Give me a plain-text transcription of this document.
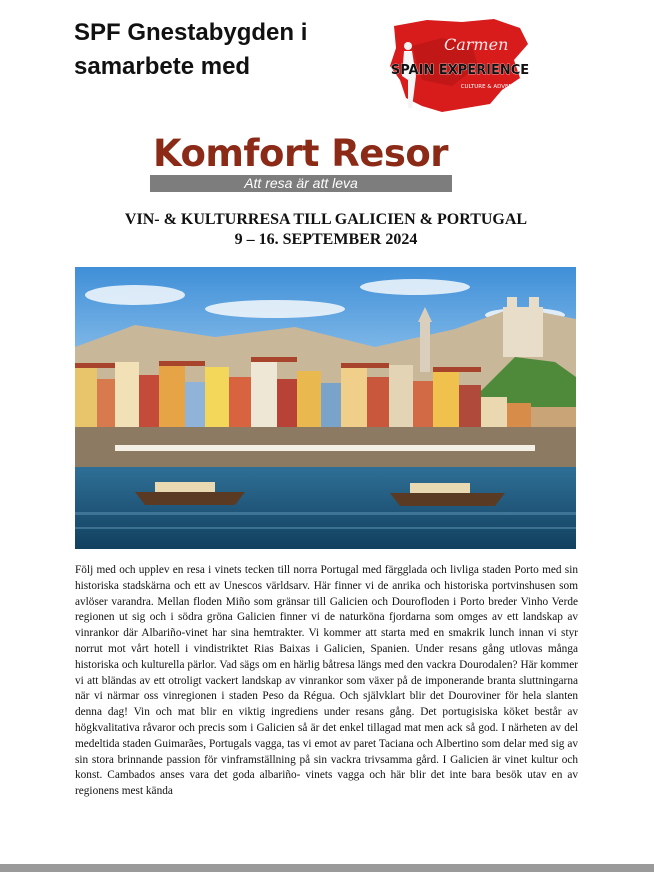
SPF Gnestabygden i samarbete med
Carmen
SPAIN EXPERIENCE
CULTURE & ADVENTURE
Komfort Resor
Att resa är att leva
VIN- & KULTURRESA TILL GALICIEN & PORTUGAL
9 – 16. SEPTEMBER 2024

Följ med och upplev en resa i vinets tecken till norra Portugal med färgglada och livliga staden Porto med sin historiska stadskärna och ett av Unescos världsarv. Här finner vi de anrika och historiska portvinshusen som avlöser varandra. Mellan floden Miño som gränsar till Galicien och Dourofloden i Porto breder Vinho Verde regionen ut sig och i södra gröna Galicien finner vi de naturköna fjordarna som omges av ett landskap av vinrankor där Albariño-vinet har sina hemtrakter. Vi kommer att starta med en smakrik lunch innan vi styr norrut mot vårt hotell i vindistriktet Rias Baixas i Galicien, Spanien. Under resans gång utlovas många historiska och kulturella pärlor. Vad sägs om en härlig båtresa längs med den vackra Dourodalen? Här kommer vi att bländas av ett otroligt vackert landskap av vinrankor som växer på de imponerande branta sluttningarna när vi närmar oss vinregionen i staden Peso da Régua. Och självklart blir det Douroviner för hela slanten denna dag! Vin och mat blir en viktig ingrediens under resans gång. Det portugisiska köket består av högkvalitativa råvaror och precis som i Galicien så är det enkel tillagad mat men ack så god. I närheten av del medeltida staden Guimarães, Portugals vagga, tas vi emot av paret Taciana och Albertino som delar med sig av sin stora brinnande passion för vinframställning på sin vackra trivsamma gård. I Galicien är vinet kultur och konst. Cambados anses vara det goda albariño- vinets vagga och här blir det inte bara besök utav en av regionens mest kända
